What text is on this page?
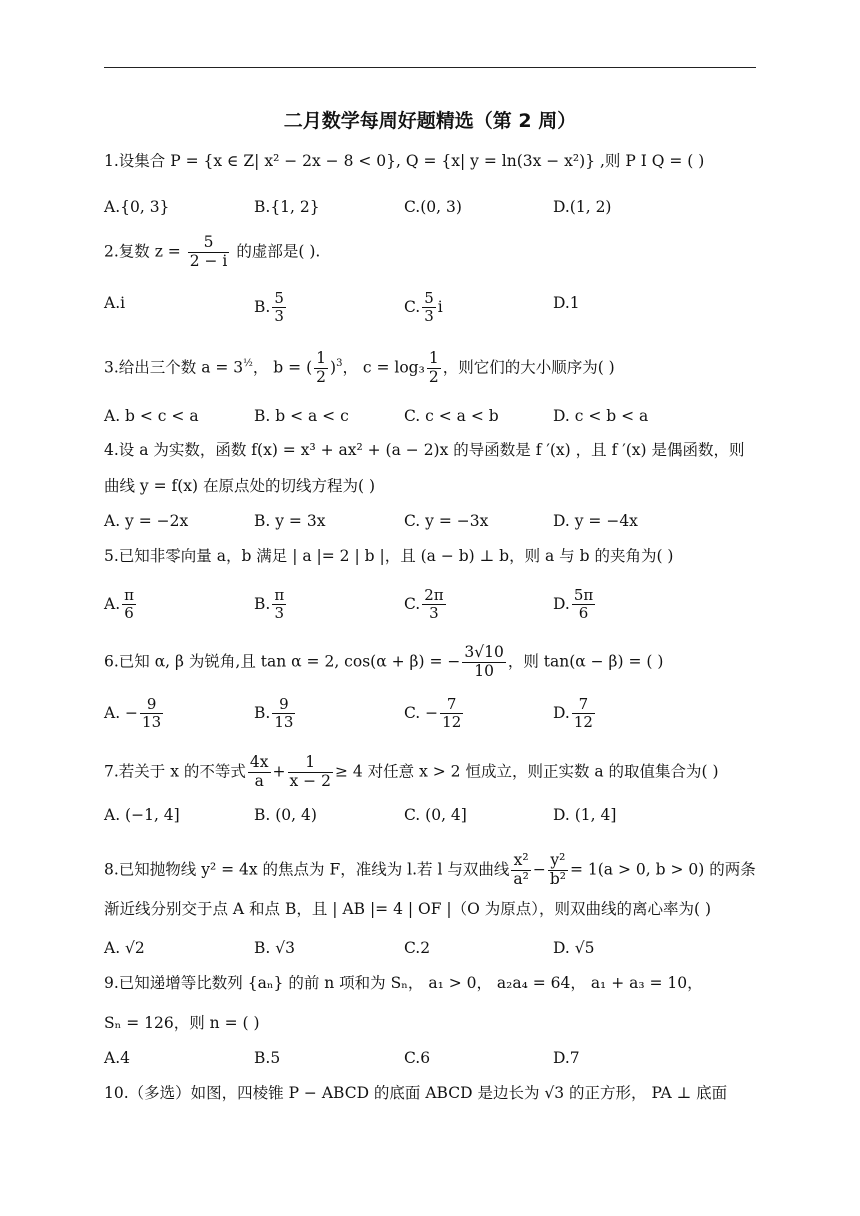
二月数学每周好题精选（第 2 周）
1.设集合 P = {x ∈ Z| x² − 2x − 8 < 0}, Q = {x| y = ln(3x − x²)} ,则 P I Q = ( )
A.{0, 3}	B.{1, 2}	C.(0, 3)	D.(1, 2)
2.复数 $z = \frac{5}{2 - i}$ 的虚部是( ).
A.i	B. $\frac{5}{3}$	C. $\frac{5}{3}$ i	D.1
3.给出三个数 $a = 3^{\frac{1}{2}}$， b = ( $\frac{1}{2} )^3$， $c = \log_3 \frac{1}{2}$ ，则它们的大小顺序为( )
A. b < c < a	B. b < a < c	C. c < a < b	D. c < b < a
4.设 a 为实数，函数 f(x) = x³ + ax² + (a − 2)x 的导函数是 f ′(x) ，且 f ′(x) 是偶函数，则
曲线 y = f(x) 在原点处的切线方程为( )
A. y = −2x	B. y = 3x	C. y = −3x	D. y = −4x
5.已知非零向量 a，b 满足 | a |= 2 | b |，且 (a − b) ⊥ b，则 a 与 b 的夹角为( )
A. $\frac{\pi}{6}$	B. $\frac{\pi}{3}$	C. $\frac{2\pi}{3}$	D. $\frac{5\pi}{6}$
6.已知 α, β 为锐角,且 tan α = 2, cos(α + β) = − $\frac{3√10}{10}$ ，则 tan(α − β) = ( )
A. − $\frac{9}{13}$	B. $\frac{9}{13}$	C. − $\frac{7}{12}$	D. $\frac{7}{12}$
7.若关于 x 的不等式 $\frac{4x}{a} + \frac{1}{x - 2} \ge 4$ 对任意 x > 2 恒成立，则正实数 a 的取值集合为( )
A. (−1, 4]	B. (0, 4)	C. (0, 4]	D. (1, 4]
8.已知抛物线 y² = 4x 的焦点为 F，准线为 l.若 l 与双曲线 $\frac{\text{x²}}{\text{a²}} - \frac{\text{y²}}{\text{b²}} = 1(a > 0$, b > 0) 的两条
渐近线分别交于点 A 和点 B，且 | AB |= 4 | OF |（O 为原点），则双曲线的离心率为( )
A. √2	B. √3	C.2	D. √5
9.已知递增等比数列 {aₙ} 的前 n 项和为 Sₙ， a₁ > 0， a₂a₄ = 64， a₁ + a₃ = 10，
Sₙ = 126，则 n = ( )
A.4	B.5	C.6	D.7
10.（多选）如图，四棱锥 P − ABCD 的底面 ABCD 是边长为 √3 的正方形， PA ⊥ 底面
